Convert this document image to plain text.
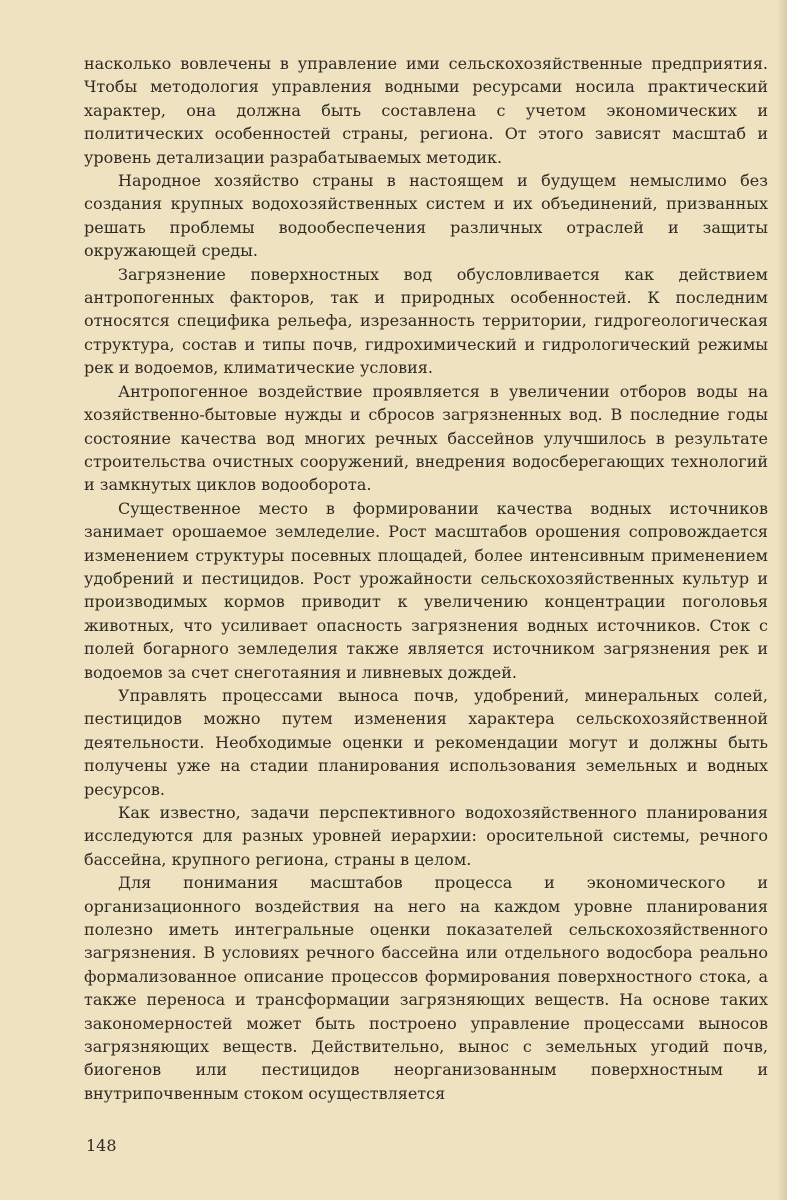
насколько вовлечены в управление ими сельскохозяйственные предприятия. Чтобы методология управления водными ресурсами носила практический характер, она должна быть составлена с учетом экономических и политических особенностей страны, региона. От этого зависят масштаб и уровень детализации разрабатываемых методик.

Народное хозяйство страны в настоящем и будущем немыслимо без создания крупных водохозяйственных систем и их объединений, призванных решать проблемы водообеспечения различных отраслей и защиты окружающей среды.

Загрязнение поверхностных вод обусловливается как действием антропогенных факторов, так и природных особенностей. К последним относятся специфика рельефа, изрезанность территории, гидрогеологическая структура, состав и типы почв, гидрохимический и гидрологический режимы рек и водоемов, климатические условия.

Антропогенное воздействие проявляется в увеличении отборов воды на хозяйственно-бытовые нужды и сбросов загрязненных вод. В последние годы состояние качества вод многих речных бассейнов улучшилось в результате строительства очистных сооружений, внедрения водосберегающих технологий и замкнутых циклов водооборота.

Существенное место в формировании качества водных источников занимает орошаемое земледелие. Рост масштабов орошения сопровождается изменением структуры посевных площадей, более интенсивным применением удобрений и пестицидов. Рост урожайности сельскохозяйственных культур и производимых кормов приводит к увеличению концентрации поголовья животных, что усиливает опасность загрязнения водных источников. Сток с полей богарного земледелия также является источником загрязнения рек и водоемов за счет снеготаяния и ливневых дождей.

Управлять процессами выноса почв, удобрений, минеральных солей, пестицидов можно путем изменения характера сельскохозяйственной деятельности. Необходимые оценки и рекомендации могут и должны быть получены уже на стадии планирования использования земельных и водных ресурсов.

Как известно, задачи перспективного водохозяйственного планирования исследуются для разных уровней иерархии: оросительной системы, речного бассейна, крупного региона, страны в целом.

Для понимания масштабов процесса и экономического и организационного воздействия на него на каждом уровне планирования полезно иметь интегральные оценки показателей сельскохозяйственного загрязнения. В условиях речного бассейна или отдельного водосбора реально формализованное описание процессов формирования поверхностного стока, а также переноса и трансформации загрязняющих веществ. На основе таких закономерностей может быть построено управление процессами выносов загрязняющих веществ. Действительно, вынос с земельных угодий почв, биогенов или пестицидов неорганизованным поверхностным и внутрипочвенным стоком осуществляется

148
